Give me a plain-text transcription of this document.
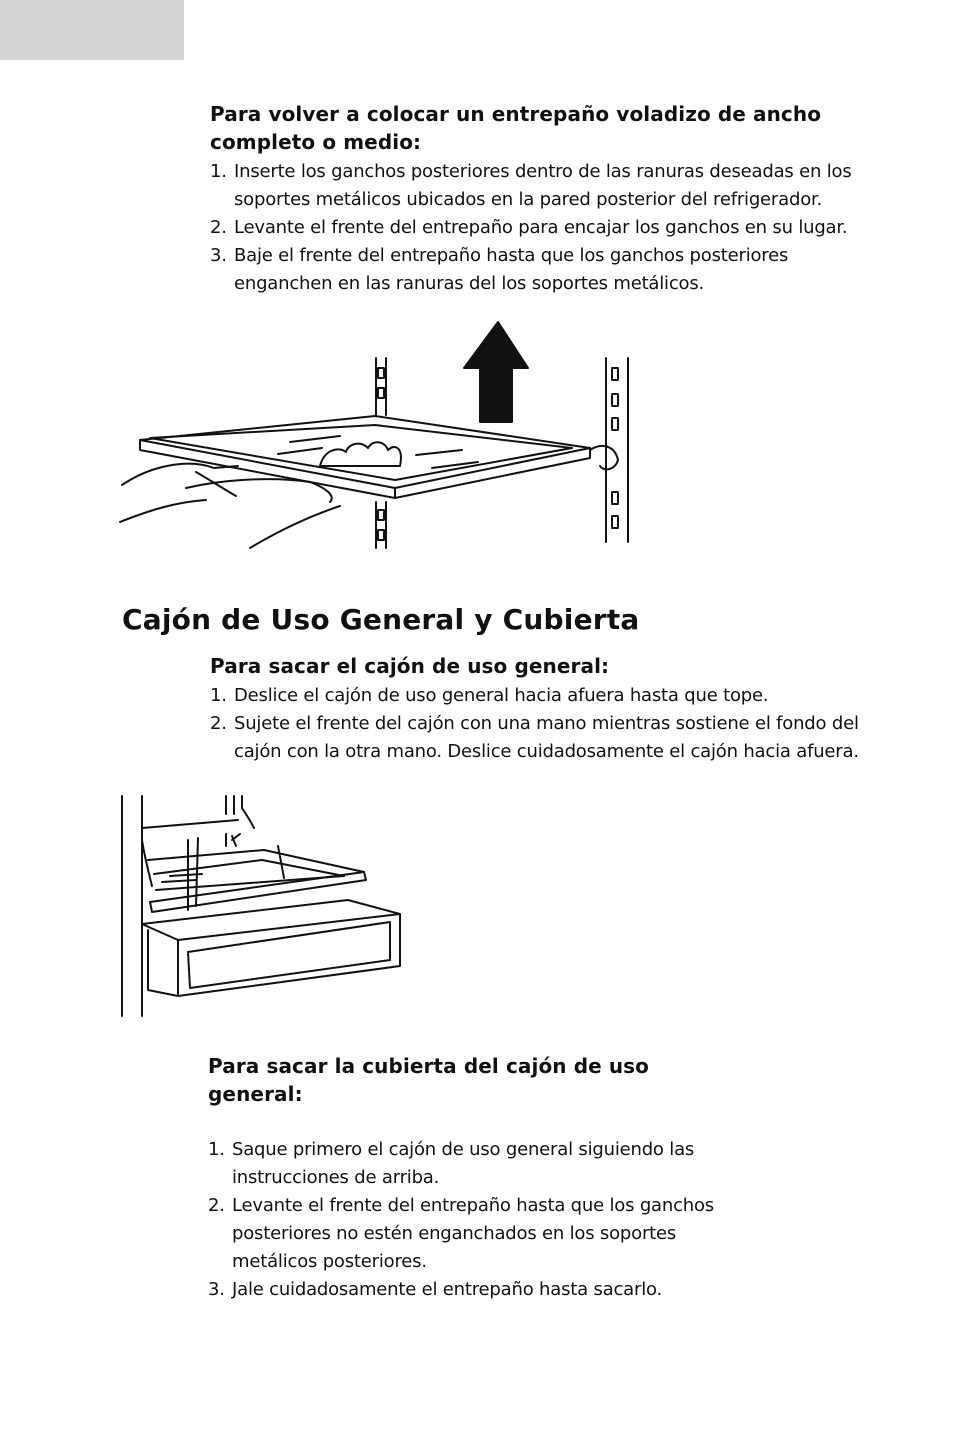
Para volver a colocar un entrepaño voladizo de ancho completo o medio:
1. Inserte los ganchos posteriores dentro de las ranuras deseadas en los soportes metálicos ubicados en la pared posterior del refrigerador.
2. Levante el frente del entrepaño para encajar los ganchos en su lugar.
3. Baje el frente del entrepaño hasta que los ganchos posteriores enganchen en las ranuras del los soportes metálicos.
Cajón de Uso General y Cubierta
Para sacar el cajón de uso general:
1. Deslice el cajón de uso general hacia afuera hasta que tope.
2. Sujete el frente del cajón con una mano mientras sostiene el fondo del cajón con la otra mano. Deslice cuidadosamente el cajón hacia afuera.
Para sacar la cubierta del cajón de uso general:
1. Saque primero el cajón de uso general siguiendo las instrucciones de arriba.
2. Levante el frente del entrepaño hasta que los ganchos posteriores no estén enganchados en los soportes metálicos posteriores.
3. Jale cuidadosamente el entrepaño hasta sacarlo.
